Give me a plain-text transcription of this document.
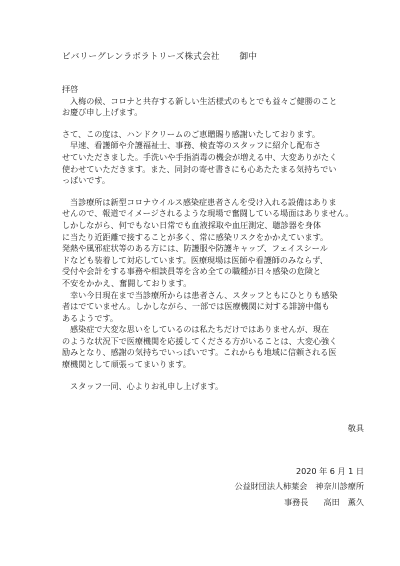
ビバリーグレンラボラトリーズ株式会社 御中

拝啓

入梅の候、コロナと共存する新しい生活様式のもとでも益々ご健勝のこと

お慶び申し上げます。

さて、この度は、ハンドクリームのご恵贈賜り感謝いたしております。

早速、看護師や介護福祉士、事務、検査等のスタッフに紹介し配布さ

せていただきました。手洗いや手指消毒の機会が増える中、大変ありがたく

使わせていただきます。また、同封の寄せ書きにも心あたたまる気持ちでい

っぱいです。

当診療所は新型コロナウイルス感染症患者さんを受け入れる設備はありま

せんので、報道でイメージされるような現場で奮闘している場面はありません。

しかしながら、何でもない日常でも血液採取や血圧測定、聴診器を身体

に当たり近距離で接することが多く、常に感染リスクをかかえています。

発熱や風邪症状等のある方には、防護服や防護キャップ、フェイスシール

ドなども装着して対応しています。医療現場は医師や看護師のみならず、

受付や会計をする事務や相談員等を含め全ての職種が日々感染の危険と

不安をかかえ、奮闘しております。

幸い今日現在まで当診療所からは患者さん、スタッフともにひとりも感染

者はでていません。しかしながら、一部では医療機関に対する誹謗中傷も

あるようです。

感染症で大変な思いをしているのは私たちだけではありませんが、現在

のような状況下で医療機関を応援してくださる方がいることは、大変心強く

励みとなり、感謝の気持ちでいっぱいです。これからも地域に信頼される医

療機関として頑張ってまいります。

スタッフ一同、心よりお礼申し上げます。

敬具
2020 年 6 月 1 日
公益財団法人柿葉会　神奈川診療所
事務長 高田　薫久
